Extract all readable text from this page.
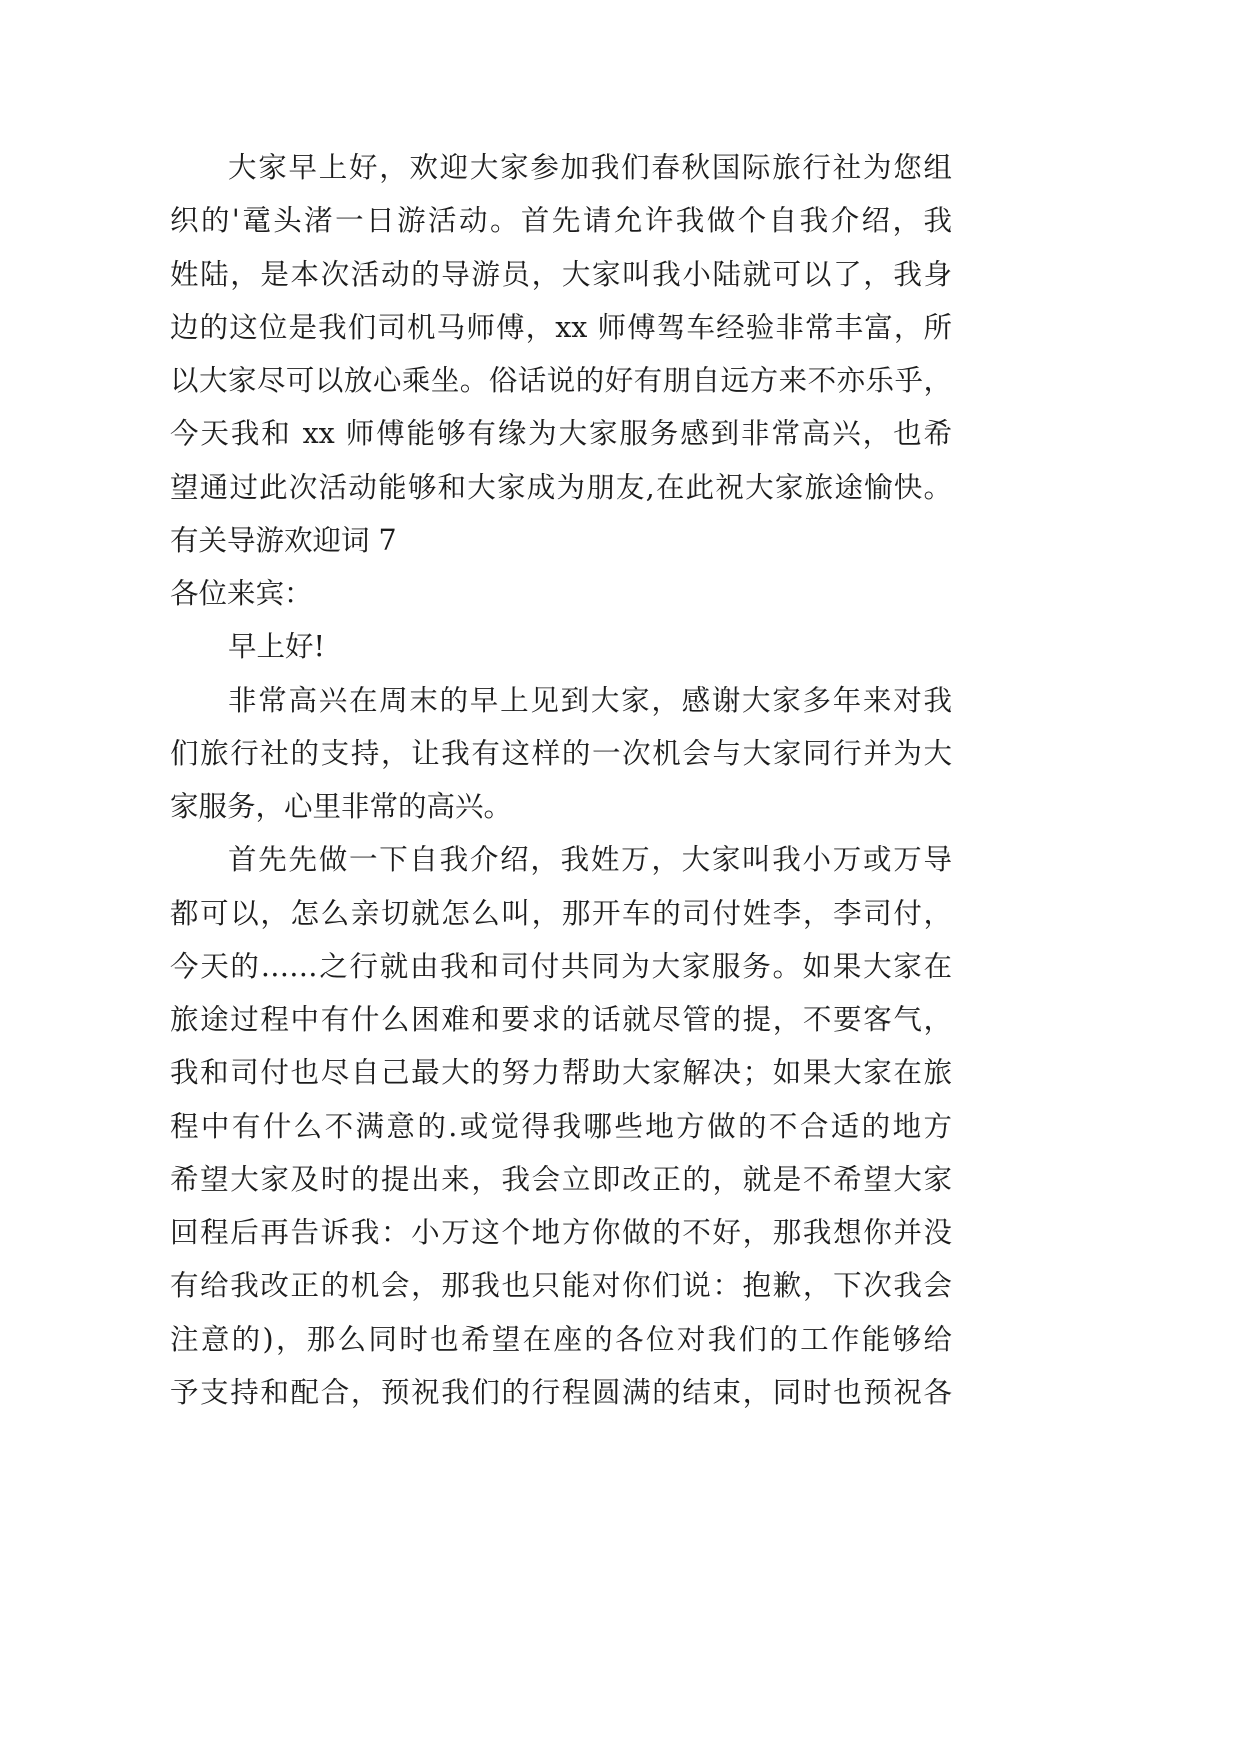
大家早上好，欢迎大家参加我们春秋国际旅行社为您组
织的'鼋头渚一日游活动。首先请允许我做个自我介绍，我
姓陆，是本次活动的导游员，大家叫我小陆就可以了，我身
边的这位是我们司机马师傅，xx 师傅驾车经验非常丰富，所
以大家尽可以放心乘坐。俗话说的好有朋自远方来不亦乐乎，
今天我和 xx 师傅能够有缘为大家服务感到非常高兴，也希
望通过此次活动能够和大家成为朋友,在此祝大家旅途愉快。
有关导游欢迎词 7
各位来宾：
早上好!
非常高兴在周末的早上见到大家，感谢大家多年来对我
们旅行社的支持，让我有这样的一次机会与大家同行并为大
家服务，心里非常的高兴。
首先先做一下自我介绍，我姓万，大家叫我小万或万导
都可以，怎么亲切就怎么叫，那开车的司付姓李，李司付，
今天的……之行就由我和司付共同为大家服务。如果大家在
旅途过程中有什么困难和要求的话就尽管的提，不要客气，
我和司付也尽自己最大的努力帮助大家解决；如果大家在旅
程中有什么不满意的.或觉得我哪些地方做的不合适的地方
希望大家及时的提出来，我会立即改正的，就是不希望大家
回程后再告诉我：小万这个地方你做的不好，那我想你并没
有给我改正的机会，那我也只能对你们说：抱歉，下次我会
注意的)，那么同时也希望在座的各位对我们的工作能够给
予支持和配合，预祝我们的行程圆满的结束，同时也预祝各
